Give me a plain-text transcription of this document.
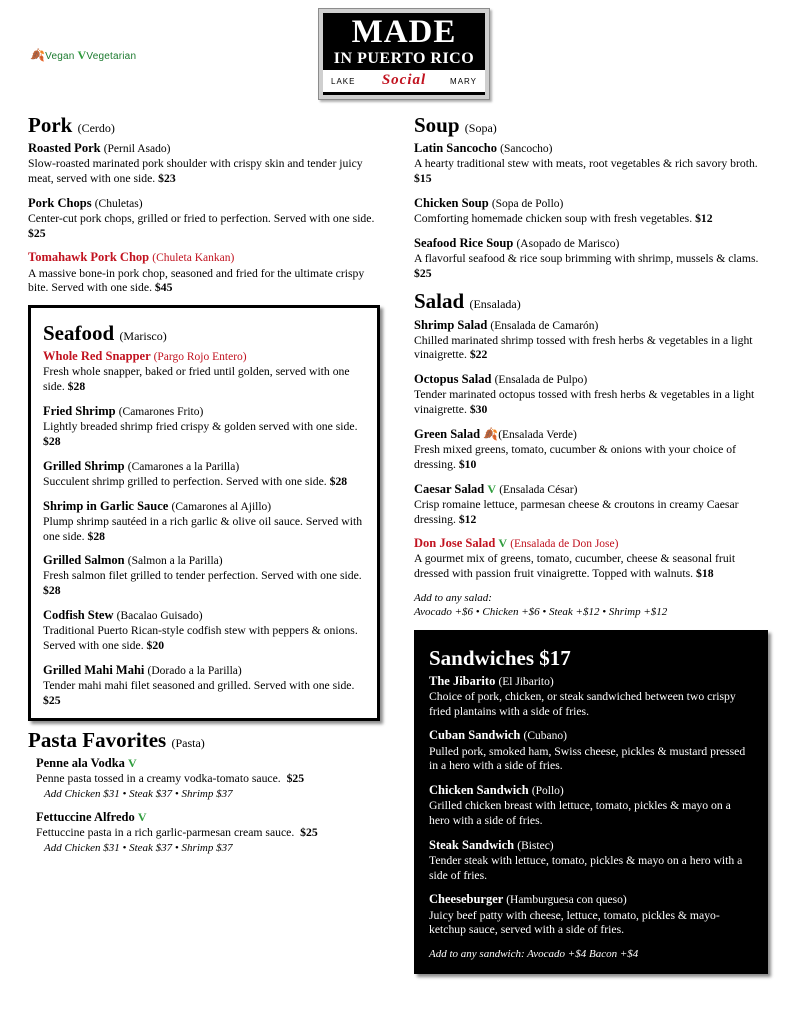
🍂Vegan VVegetarian
MADE
IN PUERTO RICO
LAKE	Social	MARY
Pork (Cerdo)
Roasted Pork (Pernil Asado)
Slow-roasted marinated pork shoulder with crispy skin and tender juicy meat, served with one side. $23
Pork Chops (Chuletas)
Center-cut pork chops, grilled or fried to perfection. Served with one side. $25
Tomahawk Pork Chop (Chuleta Kankan)
A massive bone-in pork chop, seasoned and fried for the ultimate crispy bite. Served with one side. $45
Seafood (Marisco)
Whole Red Snapper (Pargo Rojo Entero)
Fresh whole snapper, baked or fried until golden, served with one side. $28
Fried Shrimp (Camarones Frito)
Lightly breaded shrimp fried crispy & golden served with one side. $28
Grilled Shrimp (Camarones a la Parilla)
Succulent shrimp grilled to perfection. Served with one side. $28
Shrimp in Garlic Sauce (Camarones al Ajillo)
Plump shrimp sautéed in a rich garlic & olive oil sauce. Served with one side. $28
Grilled Salmon (Salmon a la Parilla)
Fresh salmon filet grilled to tender perfection. Served with one side. $28
Codfish Stew (Bacalao Guisado)
Traditional Puerto Rican-style codfish stew with peppers & onions. Served with one side. $20
Grilled Mahi Mahi (Dorado a la Parilla)
Tender mahi mahi filet seasoned and grilled. Served with one side. $25
Pasta Favorites (Pasta)
Penne ala Vodka V
Penne pasta tossed in a creamy vodka-tomato sauce. $25
Add Chicken $31 • Steak $37 • Shrimp $37
Fettuccine Alfredo V
Fettuccine pasta in a rich garlic-parmesan cream sauce. $25
Add Chicken $31 • Steak $37 • Shrimp $37
Soup (Sopa)
Latin Sancocho (Sancocho)
A hearty traditional stew with meats, root vegetables & rich savory broth. $15
Chicken Soup (Sopa de Pollo)
Comforting homemade chicken soup with fresh vegetables. $12
Seafood Rice Soup (Asopado de Marisco)
A flavorful seafood & rice soup brimming with shrimp, mussels & clams. $25
Salad (Ensalada)
Shrimp Salad (Ensalada de Camarón)
Chilled marinated shrimp tossed with fresh herbs & vegetables in a light vinaigrette. $22
Octopus Salad (Ensalada de Pulpo)
Tender marinated octopus tossed with fresh herbs & vegetables in a light vinaigrette. $30
Green Salad 🍂(Ensalada Verde)
Fresh mixed greens, tomato, cucumber & onions with your choice of dressing. $10
Caesar Salad V (Ensalada César)
Crisp romaine lettuce, parmesan cheese & croutons in creamy Caesar dressing. $12
Don Jose Salad V (Ensalada de Don Jose)
A gourmet mix of greens, tomato, cucumber, cheese & seasonal fruit dressed with passion fruit vinaigrette. Topped with walnuts. $18
Add to any salad:
Avocado +$6 • Chicken +$6 • Steak +$12 • Shrimp +$12
Sandwiches $17
The Jibarito (El Jibarito)
Choice of pork, chicken, or steak sandwiched between two crispy fried plantains with a side of fries.
Cuban Sandwich (Cubano)
Pulled pork, smoked ham, Swiss cheese, pickles & mustard pressed in a hero with a side of fries.
Chicken Sandwich (Pollo)
Grilled chicken breast with lettuce, tomato, pickles & mayo on a hero with a side of fries.
Steak Sandwich (Bistec)
Tender steak with lettuce, tomato, pickles & mayo on a hero with a side of fries.
Cheeseburger (Hamburguesa con queso)
Juicy beef patty with cheese, lettuce, tomato, pickles & mayo-ketchup sauce, served with a side of fries.
Add to any sandwich: Avocado +$4 Bacon +$4
